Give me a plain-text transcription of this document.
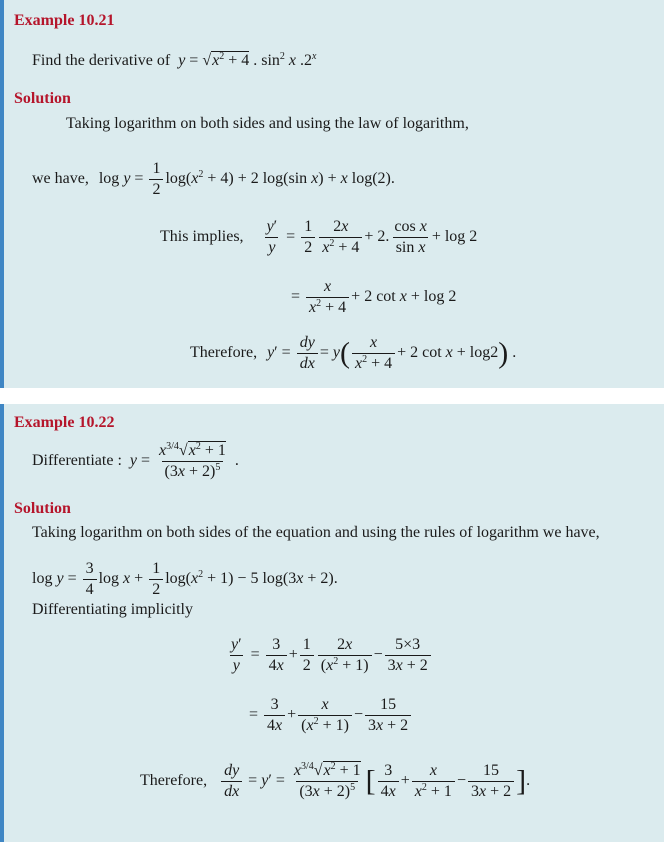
Example 10.21
Find the derivative of $y = √x^2 + 4$ . $\sin^2 x$ .2$^x$
Solution
Taking logarithm on both sides and using the law of logarithm,
we have, $\log y = \frac{1}{2} \log(x^2 + 4) + 2$ log(sin x) + x log(2).
This implies, $\frac{y'}{y} = \frac{1}{2} \frac{2x}{x^2 + 4} + 2$. $\frac{\text{cos x}}{\text{sin x}} + \log 2$
= $\frac{x}{x^2 + 4} + 2$ cot x + log 2
Therefore, $y' = \frac{dy}{dx} = y( \frac{x}{x^2 + 4} + 2$ cot x + log2) .
Example 10.22
Differentiate : $y = \frac{x^{3/4}√x^2 + 1}{(3x + 2)^5}$ .
Solution
Taking logarithm on both sides of the equation and using the rules of logarithm we have,
$\log y = \frac{3}{4}$ $\log x + \frac{1}{2} \log(x^2 + 1) - 5$ log(3x + 2).
Differentiating implicitly
$\frac{y'}{y} = \frac{3}{4x} + \frac{1}{2} \frac{2x}{(x^2 + 1)} - \frac{5\times 3}{3x + 2}$
= $\frac{3}{4x} + \frac{x}{(x^2 + 1)} - \frac{15}{3x + 2}$
Therefore, $\frac{dy}{dx} = y' = \frac{x^{3/4}√x^2 + 1}{(3x + 2)^5}$ [ $\frac{3}{4x} + \frac{x}{x^2 + 1} - \frac{15}{3x + 2}$ ].
